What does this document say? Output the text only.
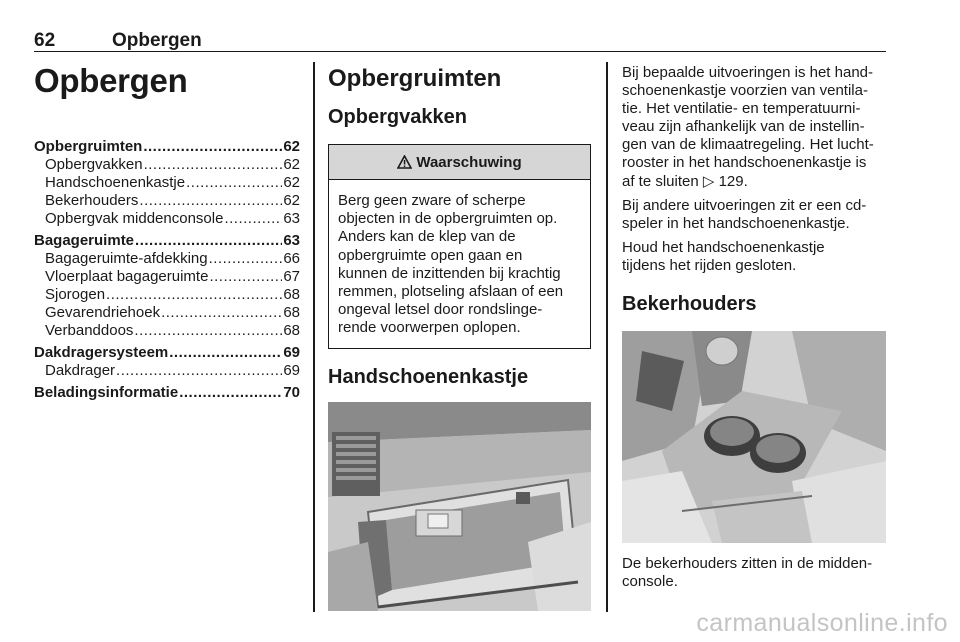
62	Opbergen
Opbergen
Opbergruimten .....	62
Opbergvakken .....	62
Handschoenenkastje .....	62
Bekerhouders .....	62
Opbergvak middenconsole .....	63
Bagageruimte .....	63
Bagageruimte-afdekking .....	66
Vloerplaat bagageruimte .....	67
Sjorogen .....	68
Gevarendriehoek .....	68
Verbanddoos .....	68
Dakdragersysteem .....	69
Dakdrager .....	69
Beladingsinformatie .....	70
Opbergruimten
Opbergvakken
Waarschuwing
Berg geen zware of scherpe
objecten in de opbergruimten op.
Anders kan de klep van de
opbergruimte open gaan en
kunnen de inzittenden bij krachtig
remmen, plotseling afslaan of een
ongeval letsel door rondslinge-
rende voorwerpen oplopen.
Handschoenenkastje

Bij bepaalde uitvoeringen is het hand-
schoenenkastje voorzien van ventila-
tie. Het ventilatie- en temperatuurni-
veau zijn afhankelijk van de instellin-
gen van de klimaatregeling. Het lucht-
rooster in het handschoenenkastje is
af te sluiten ▷ 129.

Bij andere uitvoeringen zit er een cd-
speler in het handschoenenkastje.

Houd het handschoenenkastje
tijdens het rijden gesloten.

Bekerhouders

De bekerhouders zitten in de midden-
console.

carmanualsonline.info
